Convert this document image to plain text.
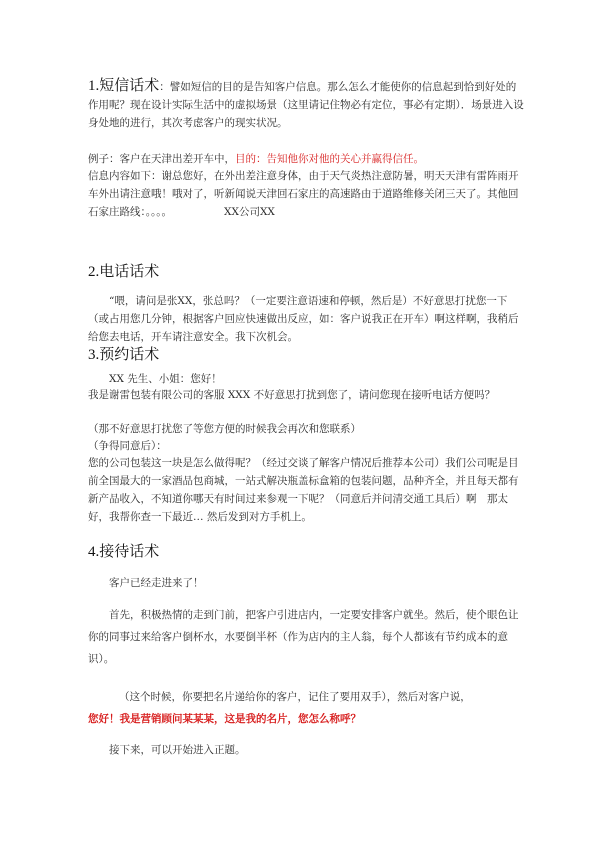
1.短信话术：譬如短信的目的是告知客户信息。那么怎么才能使你的信息起到恰到好处的作用呢？现在设计实际生活中的虚拟场景（这里请记住物必有定位，事必有定期）．场景进入设身处地的进行，其次考虑客户的现实状况。
例子：客户在天津出差开车中，目的：告知他你对他的关心并赢得信任。
信息内容如下：谢总您好，在外出差注意身体，由于天气炎热注意防暑，明天天津有雷阵雨开车外出请注意哦！哦对了，听新闻说天津回石家庄的高速路由于道路维修关闭三天了。其他回石家庄路线：。。。。	XX公司XX
2.电话话术
“喂，请问是张XX，张总吗？（一定要注意语速和停顿，然后是）不好意思打扰您一下（或占用您几分钟，根据客户回应快速做出反应，如：客户说我正在开车）啊这样啊，我稍后给您去电话，开车请注意安全。我下次机会。
3.预约话术
XX 先生、小姐：您好！
我是谢雷包装有限公司的客服 XXX 不好意思打扰到您了，请问您现在接听电话方便吗？
（那不好意思打扰您了等您方便的时候我会再次和您联系）
（争得同意后）：
您的公司包装这一块是怎么做得呢？（经过交谈了解客户情况后推荐本公司）我们公司呢是目前全国最大的一家酒品包商城，一站式解决瓶盖标盒箱的包装问题，品种齐全，并且每天都有新产品收入，不知道你哪天有时间过来参观一下呢？（同意后并问清交通工具后）啊　那太好，我帮你查一下最近… 然后发到对方手机上。
4.接待话术
客户已经走进来了！
首先，积极热情的走到门前，把客户引进店内，一定要安排客户就坐。然后，使个眼色让你的同事过来给客户倒杯水，水要倒半杯（作为店内的主人翁，每个人都该有节约成本的意识）。
（这个时候，你要把名片递给你的客户，记住了要用双手），然后对客户说，
您好！我是营销顾问某某某，这是我的名片，您怎么称呼？
接下来，可以开始进入正题。
